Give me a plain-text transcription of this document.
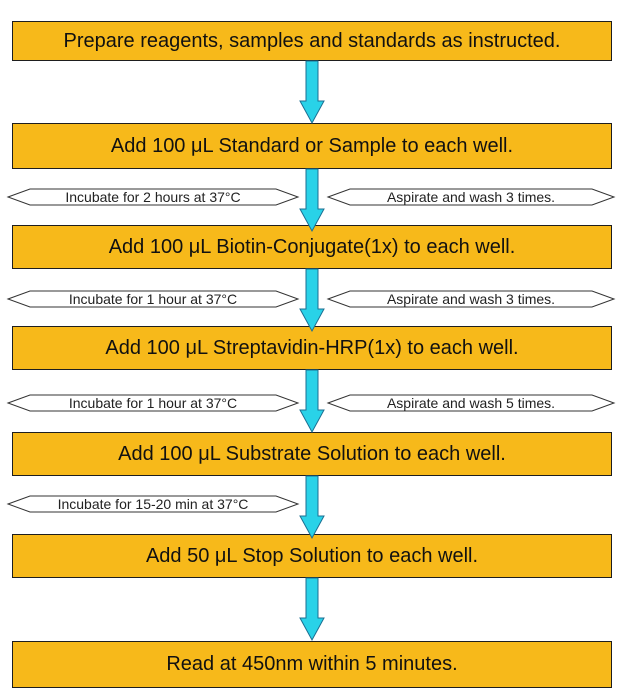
Prepare reagents, samples and standards as instructed.
Add 100 μL Standard or Sample to each well.
Add 100 μL Biotin-Conjugate(1x) to each well.
Add 100 μL Streptavidin-HRP(1x) to each well.
Add 100 μL Substrate Solution to each well.
Add 50 μL Stop Solution to each well.
Read at 450nm within 5 minutes.
Incubate for 2 hours at 37°C
Incubate for 1 hour at 37°C
Incubate for 1 hour at 37°C
Incubate for 15-20 min at 37°C
Aspirate and wash 3 times.
Aspirate and wash 3 times.
Aspirate and wash 5 times.
